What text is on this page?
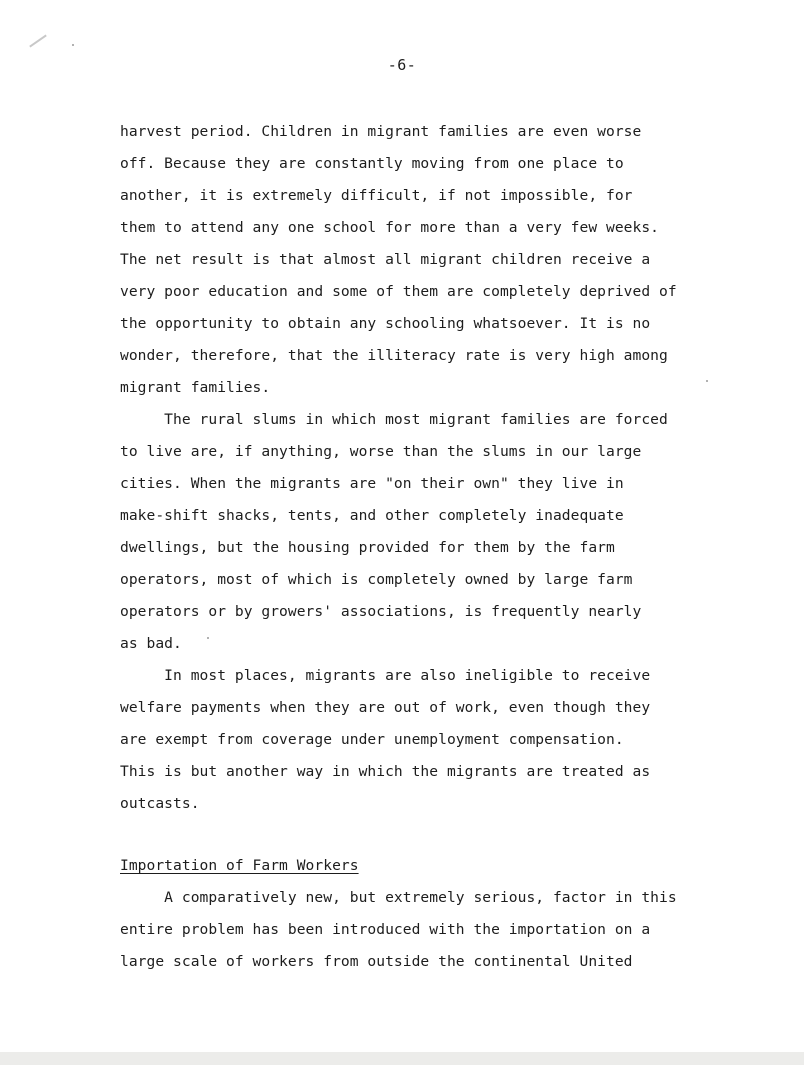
-6-
harvest period. Children in migrant families are even worse
off. Because they are constantly moving from one place to
another, it is extremely difficult, if not impossible, for
them to attend any one school for more than a very few weeks.
The net result is that almost all migrant children receive a
very poor education and some of them are completely deprived of
the opportunity to obtain any schooling whatsoever. It is no
wonder, therefore, that the illiteracy rate is very high among
migrant families.
The rural slums in which most migrant families are forced
to live are, if anything, worse than the slums in our large
cities. When the migrants are "on their own" they live in
make-shift shacks, tents, and other completely inadequate
dwellings, but the housing provided for them by the farm
operators, most of which is completely owned by large farm
operators or by growers' associations, is frequently nearly
as bad.
In most places, migrants are also ineligible to receive
welfare payments when they are out of work, even though they
are exempt from coverage under unemployment compensation.
This is but another way in which the migrants are treated as
outcasts.
Importation of Farm Workers
A comparatively new, but extremely serious, factor in this
entire problem has been introduced with the importation on a
large scale of workers from outside the continental United
